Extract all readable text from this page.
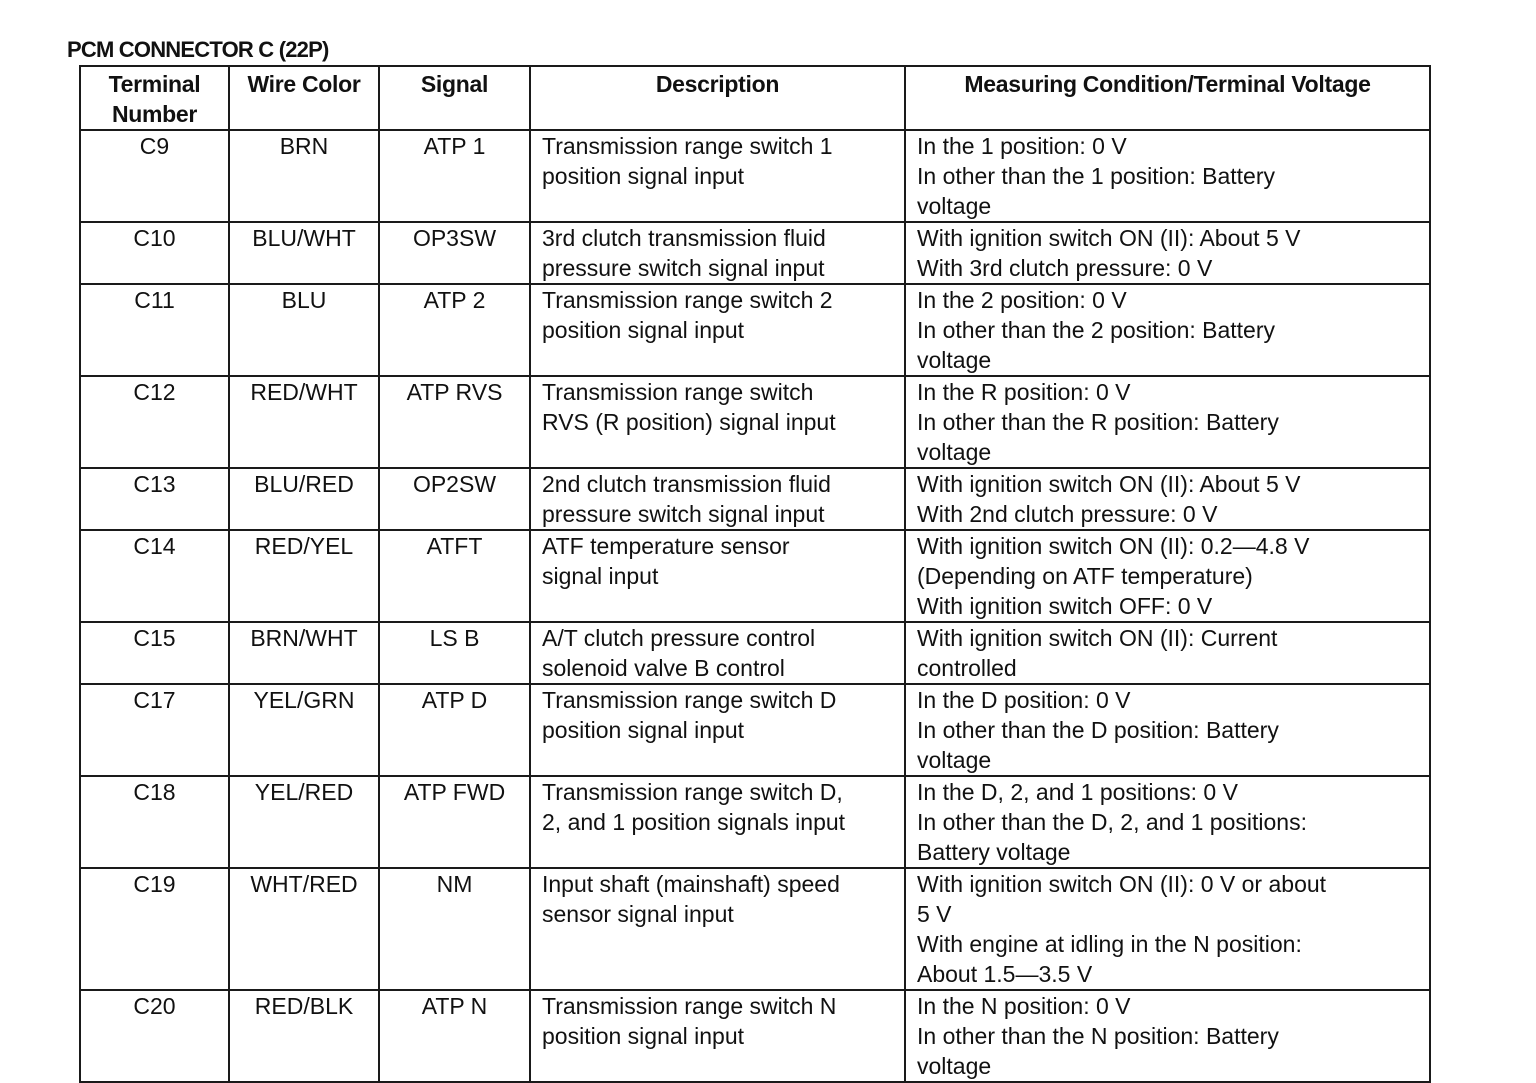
PCM CONNECTOR C (22P)
Terminal
Number	Wire Color	Signal	Description	Measuring Condition/Terminal Voltage

C9	BRN	ATP 1	Transmission range switch 1
position signal input	In the 1 position: 0 V
In other than the 1 position: Battery
voltage

C10	BLU/WHT	OP3SW	3rd clutch transmission fluid
pressure switch signal input	With ignition switch ON (II): About 5 V
With 3rd clutch pressure: 0 V

C11	BLU	ATP 2	Transmission range switch 2
position signal input	In the 2 position: 0 V
In other than the 2 position: Battery
voltage

C12	RED/WHT	ATP RVS	Transmission range switch
RVS (R position) signal input	In the R position: 0 V
In other than the R position: Battery
voltage

C13	BLU/RED	OP2SW	2nd clutch transmission fluid
pressure switch signal input	With ignition switch ON (II): About 5 V
With 2nd clutch pressure: 0 V

C14	RED/YEL	ATFT	ATF temperature sensor
signal input	With ignition switch ON (II): 0.2—4.8 V
(Depending on ATF temperature)
With ignition switch OFF: 0 V

C15	BRN/WHT	LS B	A/T clutch pressure control
solenoid valve B control	With ignition switch ON (II): Current
controlled

C17	YEL/GRN	ATP D	Transmission range switch D
position signal input	In the D position: 0 V
In other than the D position: Battery
voltage

C18	YEL/RED	ATP FWD	Transmission range switch D,
2, and 1 position signals input	In the D, 2, and 1 positions: 0 V
In other than the D, 2, and 1 positions:
Battery voltage

C19	WHT/RED	NM	Input shaft (mainshaft) speed
sensor signal input	With ignition switch ON (II): 0 V or about
5 V
With engine at idling in the N position:
About 1.5—3.5 V

C20	RED/BLK	ATP N	Transmission range switch N
position signal input	In the N position: 0 V
In other than the N position: Battery
voltage
